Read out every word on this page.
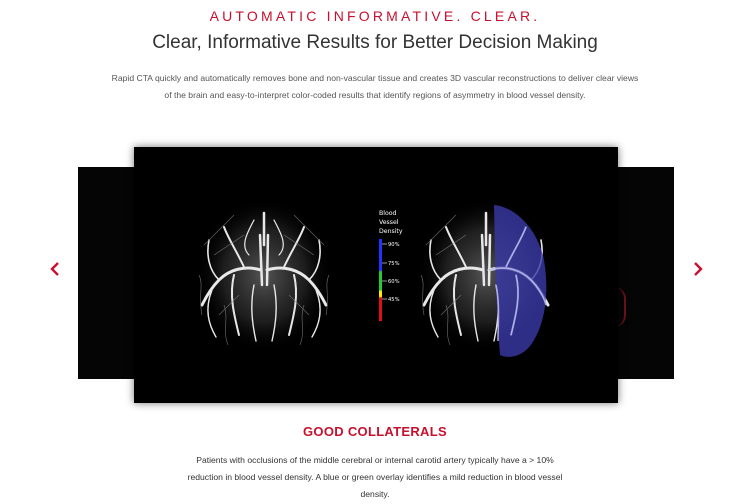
AUTOMATIC INFORMATIVE. CLEAR.
Clear, Informative Results for Better Decision Making
Rapid CTA quickly and automatically removes bone and non-vascular tissue and creates 3D vascular reconstructions to deliver clear views of the brain and easy-to-interpret color-coded results that identify regions of asymmetry in blood vessel density.
Blood
Vessel
Density
90%
75%
60%
45%
GOOD COLLATERALS
Patients with occlusions of the middle cerebral or internal carotid artery typically have a > 10% reduction in blood vessel density. A blue or green overlay identifies a mild reduction in blood vessel density.
